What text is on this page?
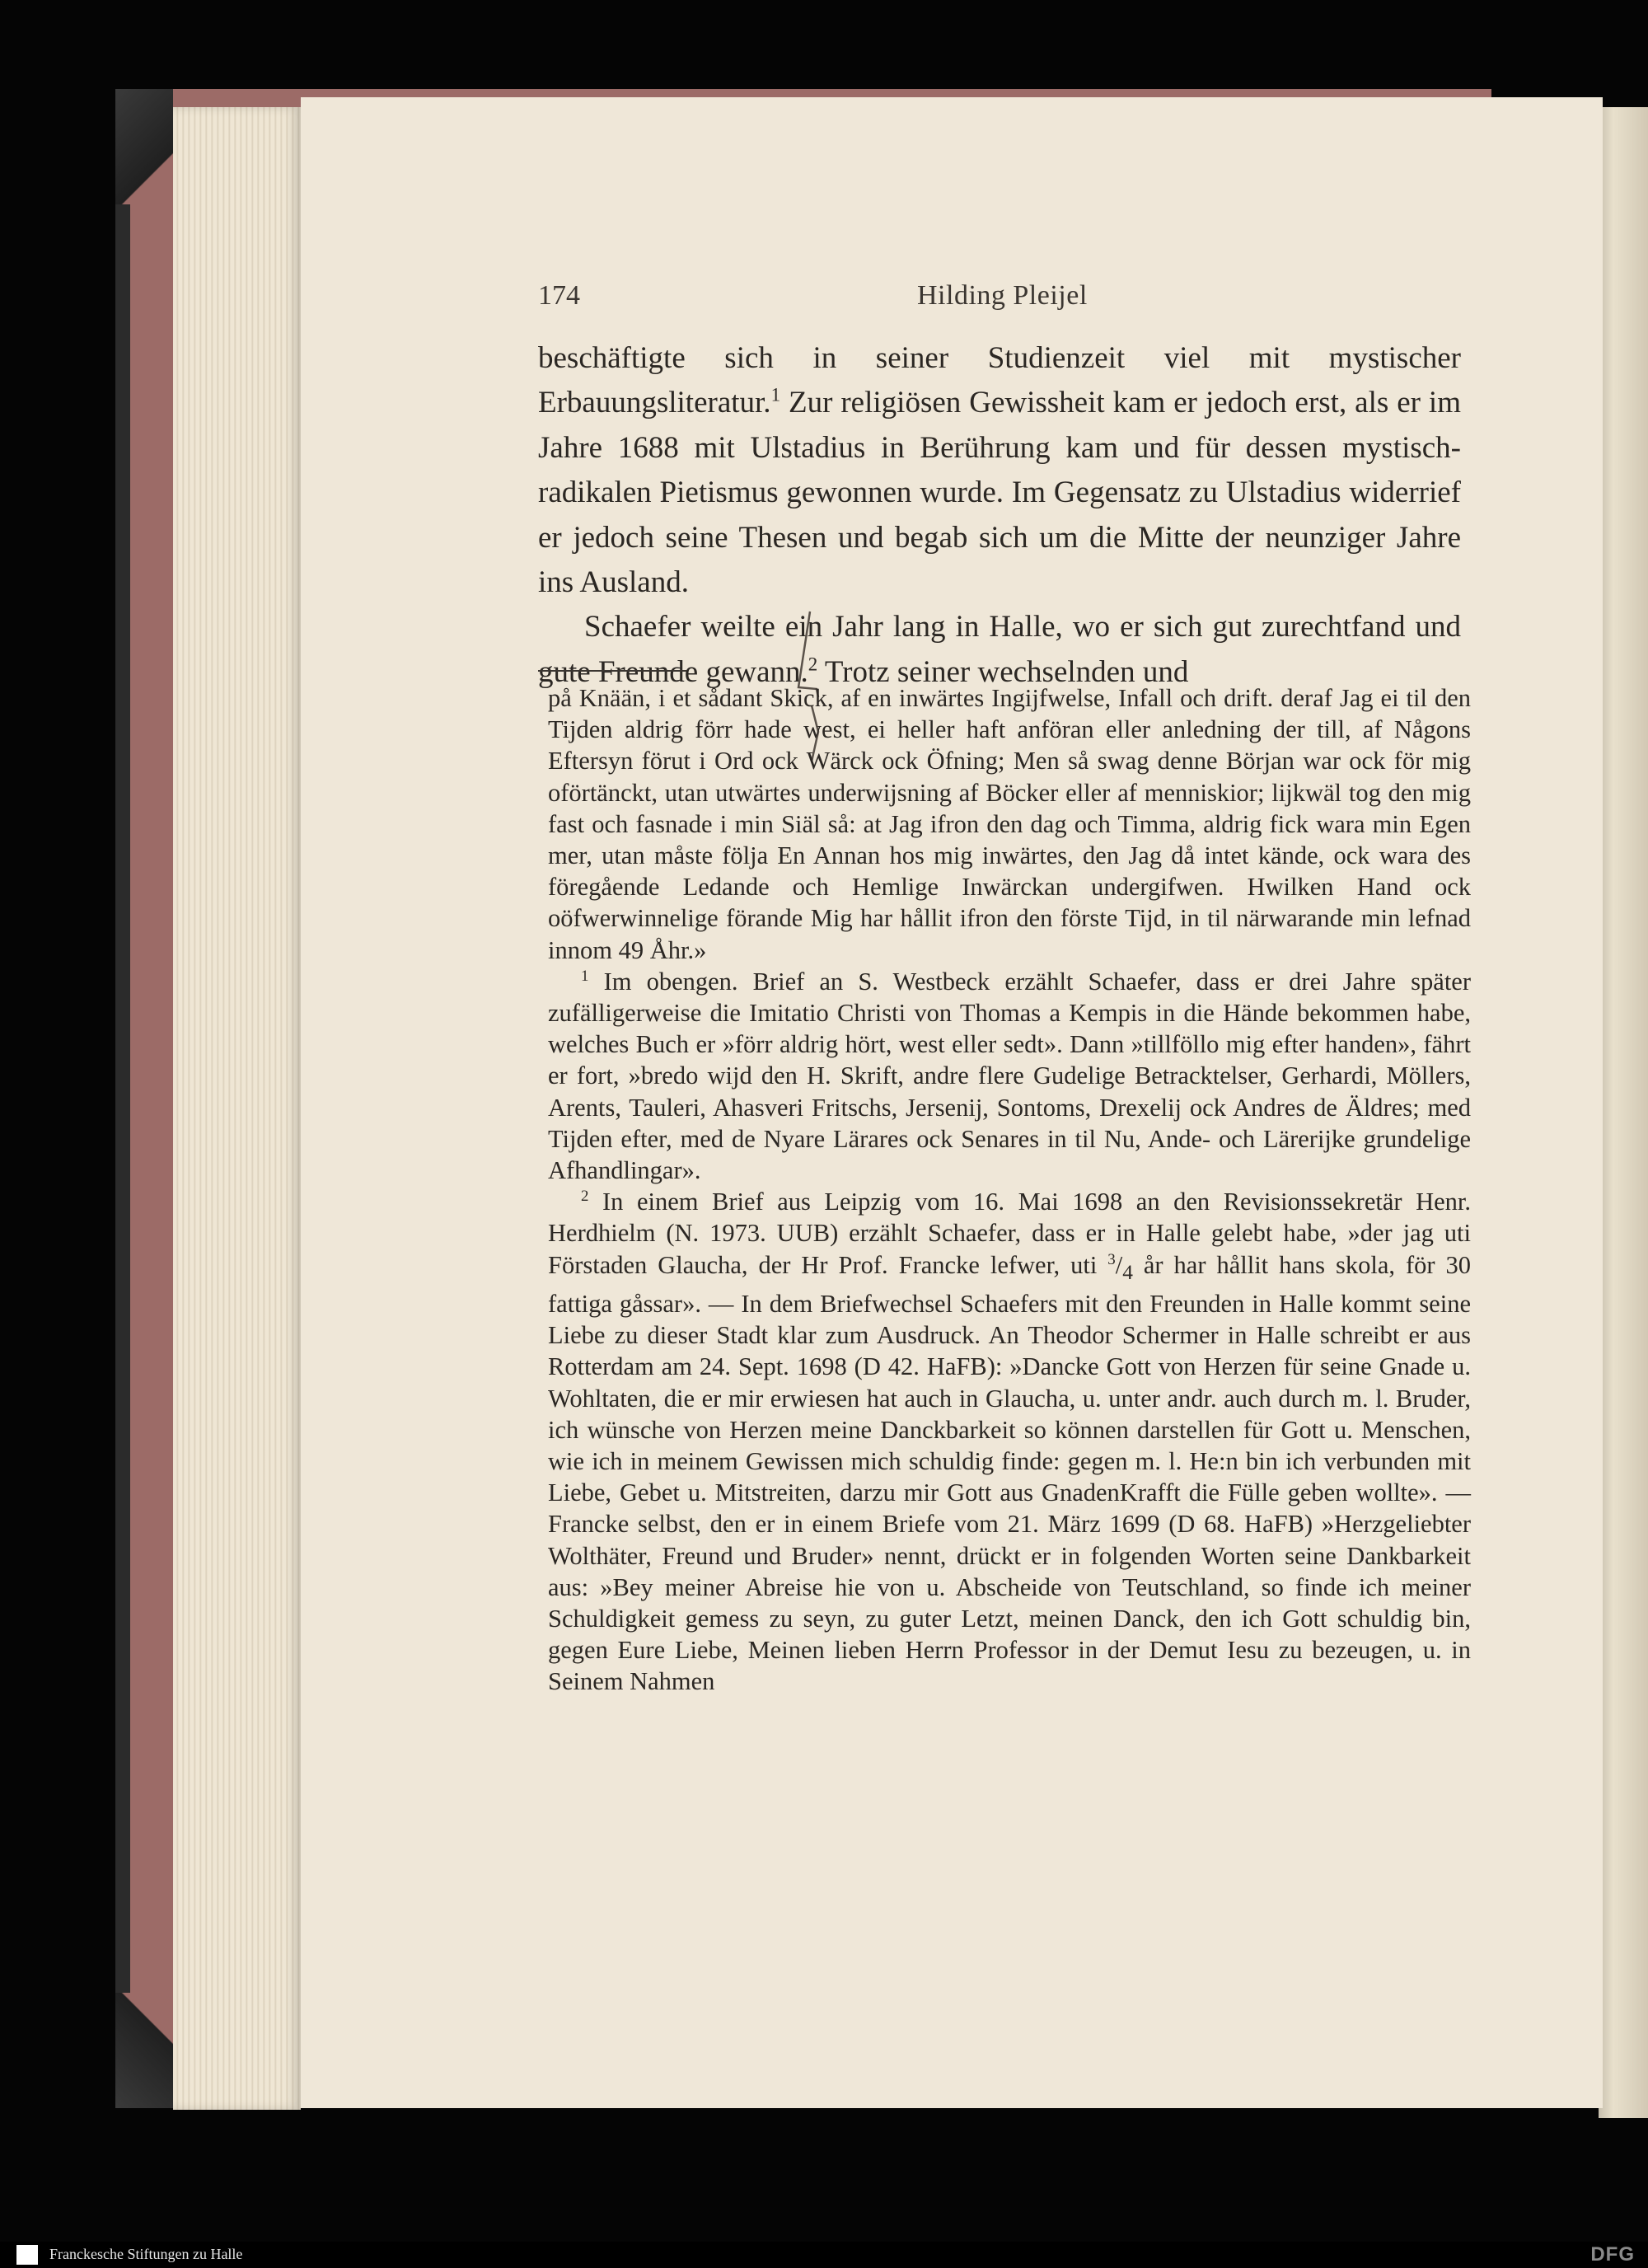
174	Hilding Pleijel

beschäftigte sich in seiner Studienzeit viel mit mystischer Erbauungsliteratur.$^1$ Zur religiösen Gewissheit kam er jedoch erst, als er im Jahre 1688 mit Ulstadius in Berührung kam und für dessen mystisch-radikalen Pietismus gewonnen wurde. Im Gegensatz zu Ulstadius widerrief er jedoch seine Thesen und begab sich um die Mitte der neunziger Jahre ins Ausland.

Schaefer weilte ein Jahr lang in Halle, wo er sich gut zurechtfand und gute Freunde gewann.$^2$ Trotz seiner wechselnden und

på Knään, i et sådant Skick, af en inwärtes Ingijfwelse, Infall och drift. deraf Jag ei til den Tijden aldrig förr hade west, ei heller haft anföran eller anledning der till, af Någons Eftersyn förut i Ord ock Wärck ock Öfning; Men så swag denne Början war ock för mig oförtänckt, utan utwärtes underwijsning af Böcker eller af menniskior; lijkwäl tog den mig fast och fasnade i min Siäl så: at Jag ifron den dag och Timma, aldrig fick wara min Egen mer, utan måste följa En Annan hos mig inwärtes, den Jag då intet kände, ock wara des föregående Ledande och Hemlige Inwärckan undergifwen. Hwilken Hand ock oöfwerwinnelige förande Mig har hållit ifron den förste Tijd, in til närwarande min lefnad innom 49 Åhr.»

$^1$ Im obengen. Brief an S. Westbeck erzählt Schaefer, dass er drei Jahre später zufälligerweise die Imitatio Christi von Thomas a Kempis in die Hände bekommen habe, welches Buch er »förr aldrig hört, west eller sedt». Dann »tillföllo mig efter handen», fährt er fort, »bredo wijd den H. Skrift, andre flere Gudelige Betracktelser, Gerhardi, Möllers, Arents, Tauleri, Ahasveri Fritschs, Jersenij, Sontoms, Drexelij ock Andres de Äldres; med Tijden efter, med de Nyare Lärares ock Senares in til Nu, Ande- och Lärerijke grundelige Afhandlingar».

$^2$ In einem Brief aus Leipzig vom 16. Mai 1698 an den Revisionssekretär Henr. Herdhielm (N. 1973. UUB) erzählt Schaefer, dass er in Halle gelebt habe, »der jag uti Förstaden Glaucha, der Hr Prof. Francke lefwer, uti $^3/_4$ år har hållit hans skola, för 30 fattiga gåssar». — In dem Briefwechsel Schaefers mit den Freunden in Halle kommt seine Liebe zu dieser Stadt klar zum Ausdruck. An Theodor Schermer in Halle schreibt er aus Rotterdam am 24. Sept. 1698 (D 42. HaFB): »Dancke Gott von Herzen für seine Gnade u. Wohltaten, die er mir erwiesen hat auch in Glaucha, u. unter andr. auch durch m. l. Bruder, ich wünsche von Herzen meine Danckbarkeit so können darstellen für Gott u. Menschen, wie ich in meinem Gewissen mich schuldig finde: gegen m. l. He:n bin ich verbunden mit Liebe, Gebet u. Mitstreiten, darzu mir Gott aus GnadenKrafft die Fülle geben wollte». — Francke selbst, den er in einem Briefe vom 21. März 1699 (D 68. HaFB) »Herzgeliebter Wolthäter, Freund und Bruder» nennt, drückt er in folgenden Worten seine Dankbarkeit aus: »Bey meiner Abreise hie von u. Abscheide von Teutschland, so finde ich meiner Schuldigkeit gemess zu seyn, zu guter Letzt, meinen Danck, den ich Gott schuldig bin, gegen Eure Liebe, Meinen lieben Herrn Professor in der Demut Iesu zu bezeugen, u. in Seinem Nahmen

Franckesche Stiftungen zu Halle	DFG
